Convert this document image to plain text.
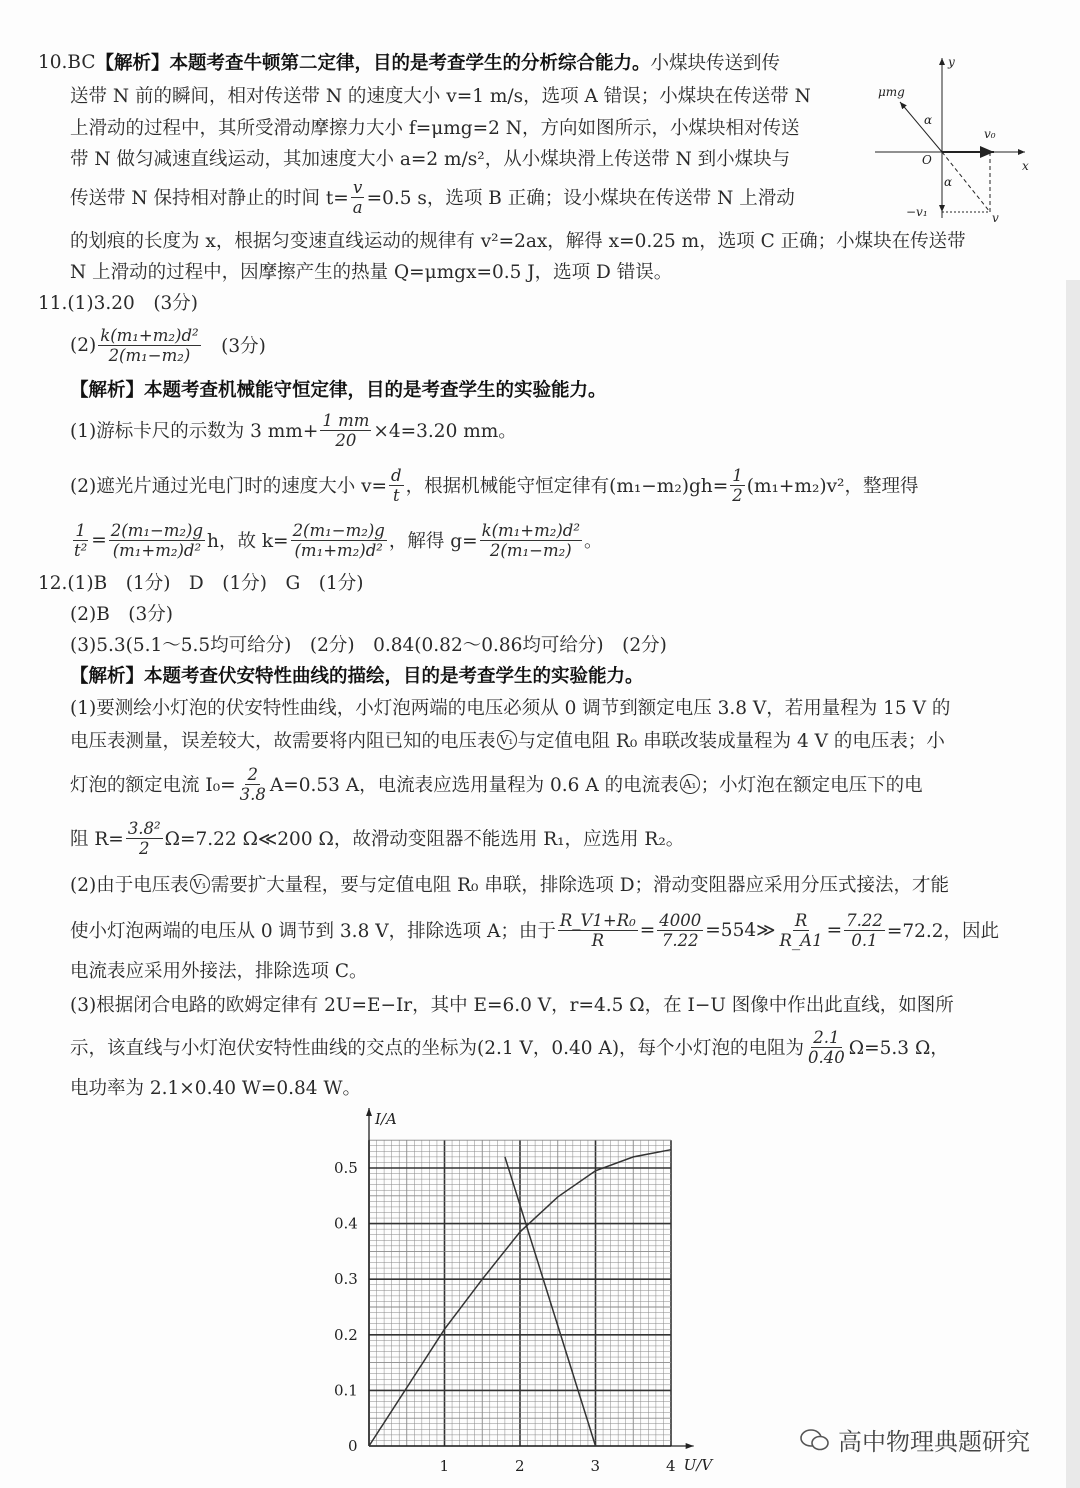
10.BC 【解析】本题考查牛顿第二定律，目的是考查学生的分析综合能力。 小煤块传送到传
送带 N 前的瞬间，相对传送带 N 的速度大小 v=1 m/s，选项 A 错误；小煤块在传送带 N
上滑动的过程中，其所受滑动摩擦力大小 f=μmg=2 N，方向如图所示，小煤块相对传送
带 N 做匀减速直线运动，其加速度大小 a=2 m/s²，从小煤块滑上传送带 N 到小煤块与
传送带 N 保持相对静止的时间 $t= \frac{v}{a} =0.5$ s，选项 B 正确；设小煤块在传送带 N 上滑动
的划痕的长度为 x，根据匀变速直线运动的规律有 v²=2ax，解得 x=0.25 m，选项 C 正确；小煤块在传送带
N 上滑动的过程中，因摩擦产生的热量 Q=μmgx=0.5 J，选项 D 错误。
11.(1)3.20　(3分)
$(2) \frac{\text{k(m₁+m₂)d²}}{\text{2(m₁−m₂)}}$ 　(3分)
【解析】本题考查机械能守恒定律，目的是考查学生的实验能力。
(1)游标卡尺的示数为 3 $mm+ \frac{1 mm}{20} \times 4=3.20$ mm。
(2)遮光片通过光电门时的速度大小 $v= \frac{d}{t}$ ，根据机械能守恒定律有$(m_1-m_2)gh= \frac{1}{2} (m_1+m_2)v^2$，整理得
$\frac{1}{\text{t²}} = \frac{\text{2(m₁−m₂)g}}{\text{(m₁+m₂)d²}}$ h，故 $k= \frac{\text{2(m₁−m₂)g}}{\text{(m₁+m₂)d²}}$ ，解得 $g= \frac{\text{k(m₁+m₂)d²}}{\text{2(m₁−m₂)}}$ 。
12.(1)B　(1分)　D　(1分)　G　(1分)
(2)B　(3分)
(3)5.3(5.1～5.5均可给分)　(2分)　0.84(0.82～0.86均可给分)　(2分)
【解析】本题考查伏安特性曲线的描绘，目的是考查学生的实验能力。
(1)要测绘小灯泡的伏安特性曲线，小灯泡两端的电压必须从 0 调节到额定电压 3.8 V，若用量程为 15 V 的
电压表测量，误差较大，故需要将内阻已知的电压表 V₁ 与定值电阻 R₀ 串联改装成量程为 4 V 的电压表；小
灯泡的额定电流 $I_0= \frac{2}{3.8} A=0.53$ A，电流表应选用量程为 0.6 A 的电流表 A₁ ；小灯泡在额定电压下的电
阻 $R= \frac{\text{3.8²}}{2} \Omega=7.22$ Ω≪200 Ω，故滑动变阻器不能选用 R₁，应选用 R₂。
(2)由于电压表 V₁ 需要扩大量程，要与定值电阻 R₀ 串联，排除选项 D；滑动变阻器应采用分压式接法，才能
使小灯泡两端的电压从 0 调节到 3.8 V，排除选项 A；由于 $\frac{\text{R\_V1+R₀}}{R} = \frac{4000}{7.22}$ =554≫ $\frac{R}{R\_A1} = \frac{7.22}{0.1} =72.2$，因此
电流表应采用外接法，排除选项 C。
(3)根据闭合电路的欧姆定律有 2U=E−Ir，其中 E=6.0 V，r=4.5 Ω，在 I−U 图像中作出此直线，如图所
示，该直线与小灯泡伏安特性曲线的交点的坐标为(2.1 V，0.40 A)，每个小灯泡的电阻为 $\frac{2.1}{0.40} \Omega=5.3$ Ω，
电功率为 2.1×0.40 W=0.84 W。
y
μmg
α
v₀
O	x
α
−v₁	v
1	2	3	4
0.1
0.2
0.3
0.4
0.5
0
U/V
I/A
高中物理典题研究
